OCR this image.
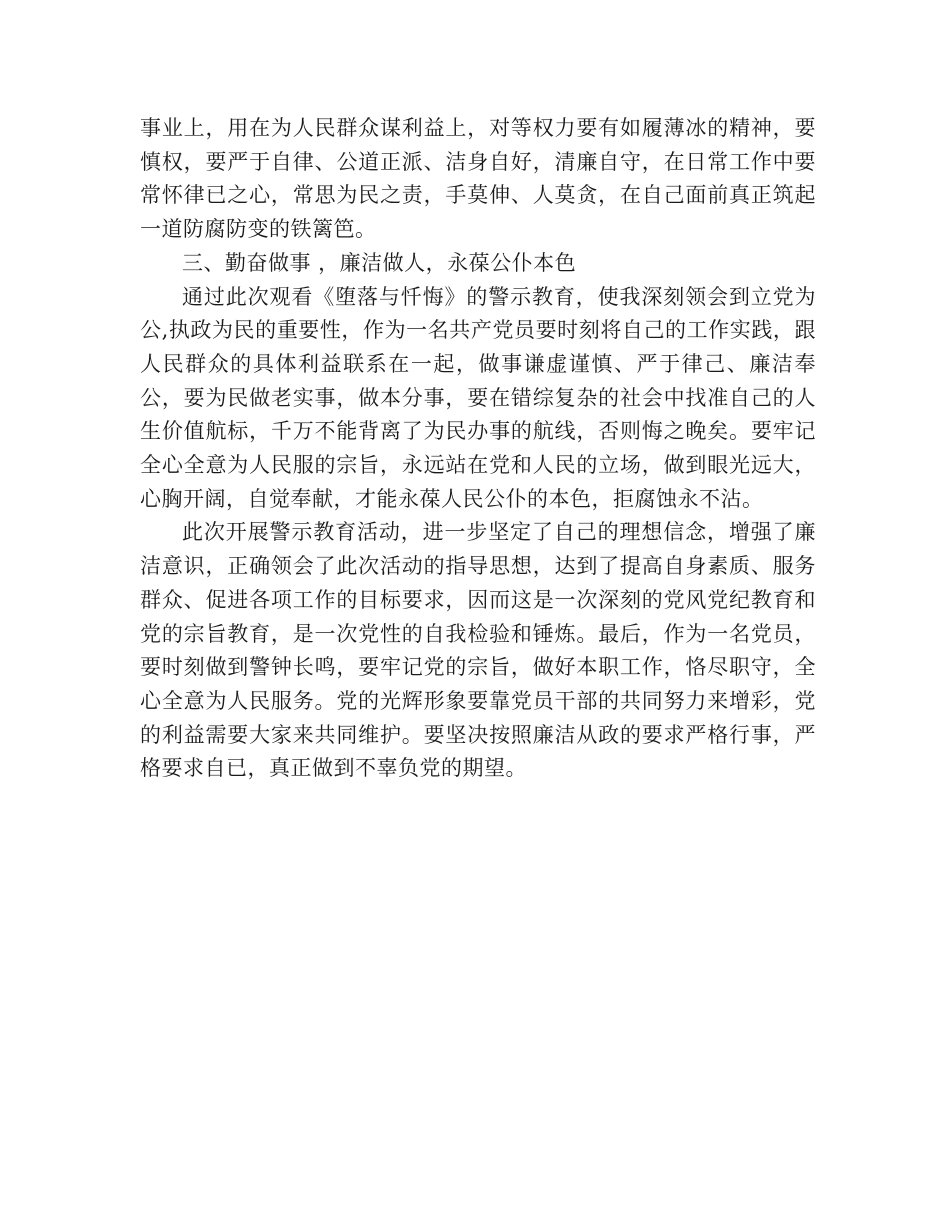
事业上，用在为人民群众谋利益上，对等权力要有如履薄冰的精神，要慎权，要严于自律、公道正派、洁身自好，清廉自守，在日常工作中要常怀律已之心，常思为民之责，手莫伸、人莫贪，在自己面前真正筑起一道防腐防变的铁篱笆。

三、勤奋做事 ，廉洁做人，永葆公仆本色

通过此次观看《堕落与忏悔》的警示教育，使我深刻领会到立党为公,执政为民的重要性，作为一名共产党员要时刻将自己的工作实践，跟人民群众的具体利益联系在一起，做事谦虚谨慎、严于律己、廉洁奉公，要为民做老实事，做本分事，要在错综复杂的社会中找准自己的人生价值航标，千万不能背离了为民办事的航线，否则悔之晚矣。要牢记全心全意为人民服的宗旨，永远站在党和人民的立场，做到眼光远大，心胸开阔，自觉奉献，才能永葆人民公仆的本色，拒腐蚀永不沾。

此次开展警示教育活动，进一步坚定了自己的理想信念，增强了廉洁意识，正确领会了此次活动的指导思想，达到了提高自身素质、服务群众、促进各项工作的目标要求，因而这是一次深刻的党风党纪教育和党的宗旨教育，是一次党性的自我检验和锤炼。最后，作为一名党员，要时刻做到警钟长鸣，要牢记党的宗旨，做好本职工作，恪尽职守，全心全意为人民服务。党的光辉形象要靠党员干部的共同努力来增彩，党的利益需要大家来共同维护。要坚决按照廉洁从政的要求严格行事，严格要求自已，真正做到不辜负党的期望。
